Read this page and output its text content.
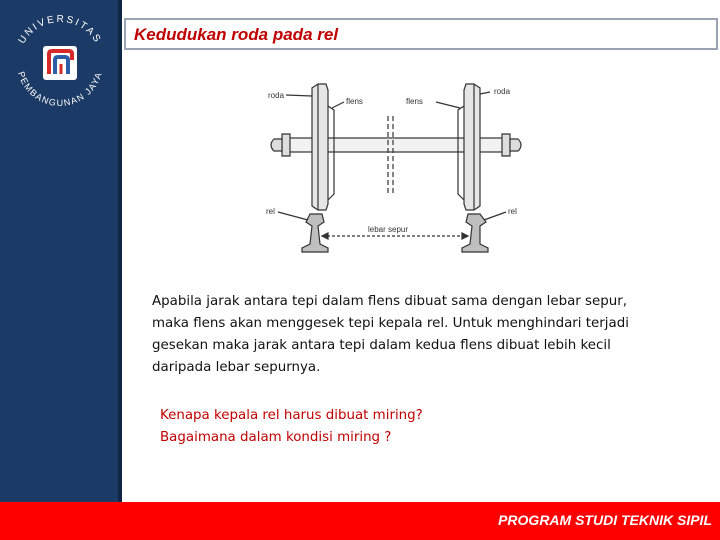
UNIVERSITAS
PEMBANGUNAN JAYA
Kedudukan roda pada rel
roda	roda
flens	flens
rel	rel
lebar sepur
Apabila jarak antara tepi dalam flens dibuat sama dengan lebar sepur,
maka flens akan menggesek tepi kepala rel. Untuk menghindari terjadi
gesekan maka jarak antara tepi dalam kedua flens dibuat lebih kecil
daripada lebar sepurnya.
Kenapa kepala rel harus dibuat miring?
Bagaimana dalam kondisi miring ?
PROGRAM STUDI TEKNIK SIPIL
